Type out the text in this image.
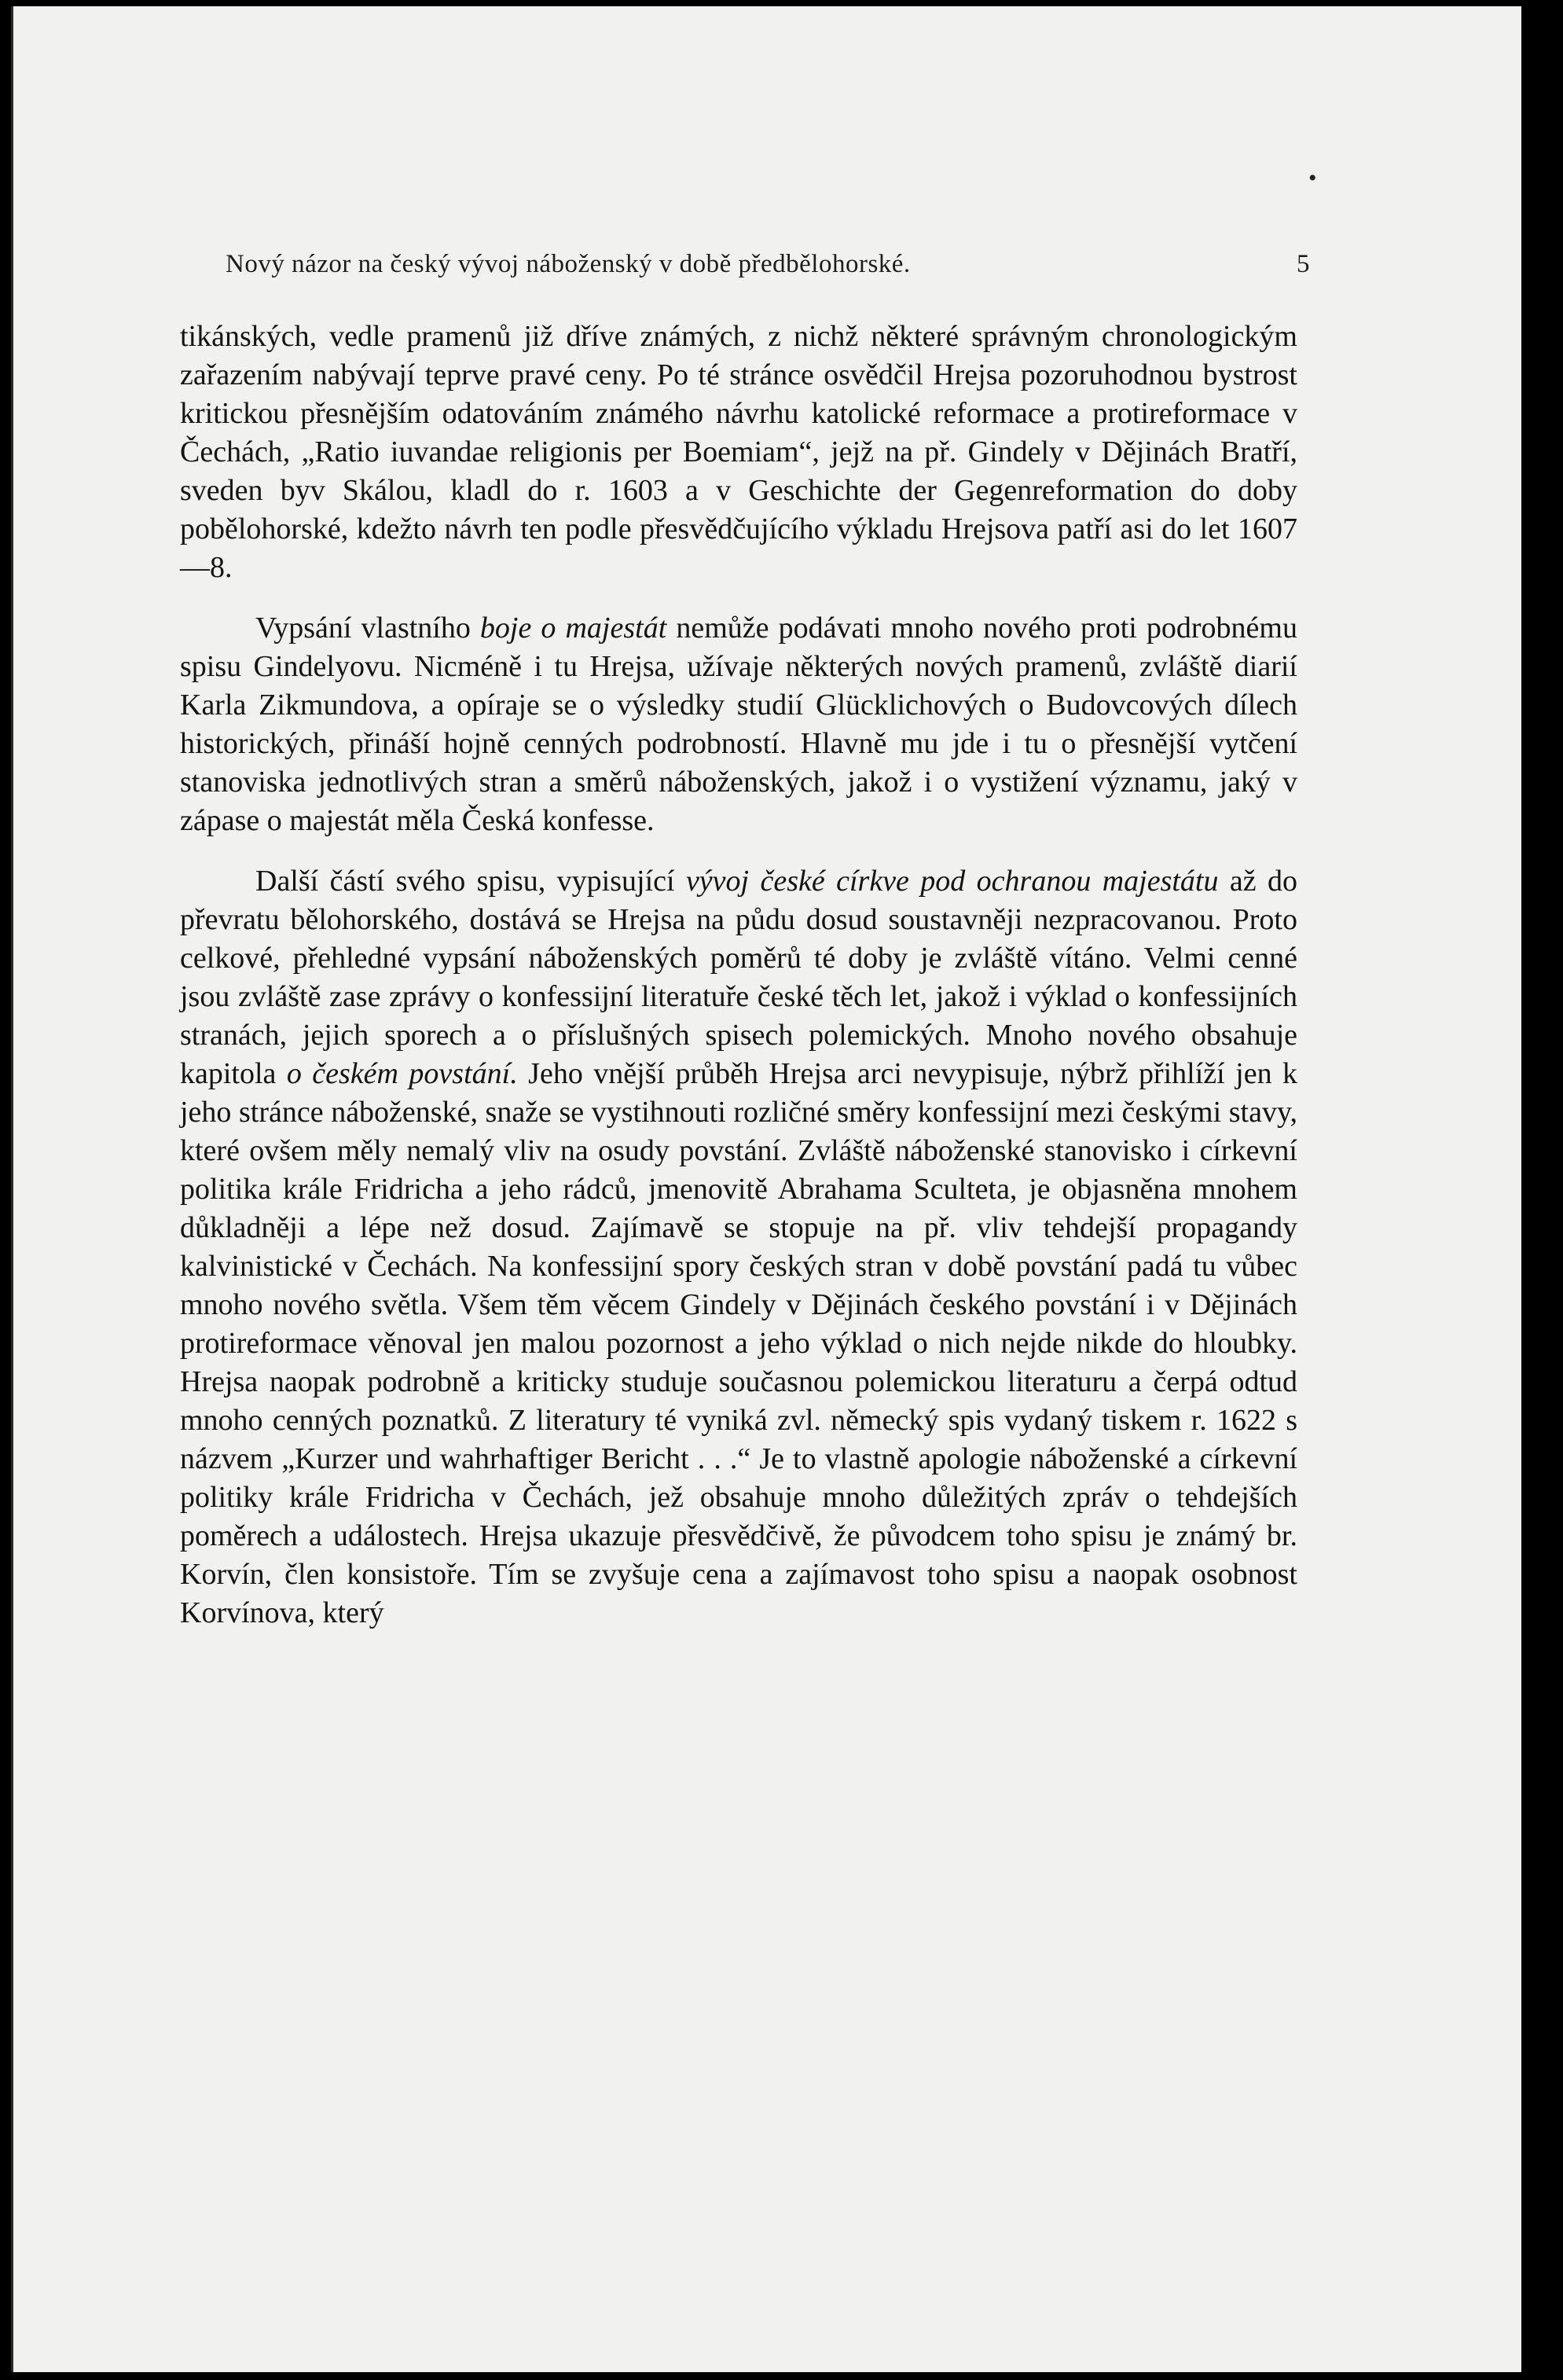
•
Nový názor na český vývoj náboženský v době předbělohorské.	5

tikánských, vedle pramenů již dříve známých, z nichž některé správným chronologickým zařazením nabývají teprve pravé ceny. Po té stránce osvědčil Hrejsa pozoruhodnou bystrost kritickou přesnějším odatováním známého návrhu katolické reformace a protireformace v Čechách, „Ratio iuvandae religionis per Boemiam“, jejž na př. Gindely v Dějinách Bratří, sveden byv Skálou, kladl do r. 1603 a v Geschichte der Gegenreformation do doby pobělohorské, kdežto návrh ten podle přesvědčujícího výkladu Hrejsova patří asi do let 1607—8.

Vypsání vlastního boje o majestát nemůže podávati mnoho nového proti podrobnému spisu Gindelyovu. Nicméně i tu Hrejsa, užívaje některých nových pramenů, zvláště diarií Karla Zikmundova, a opíraje se o výsledky studií Glücklichových o Budovcových dílech historických, přináší hojně cenných podrobností. Hlavně mu jde i tu o přesnější vytčení stanoviska jednotlivých stran a směrů náboženských, jakož i o vystižení významu, jaký v zápase o majestát měla Česká konfesse.

Další částí svého spisu, vypisující vývoj české církve pod ochranou majestátu až do převratu bělohorského, dostává se Hrejsa na půdu dosud soustavněji nezpracovanou. Proto celkové, přehledné vypsání náboženských poměrů té doby je zvláště vítáno. Velmi cenné jsou zvláště zase zprávy o konfessijní literatuře české těch let, jakož i výklad o konfessijních stranách, jejich sporech a o příslušných spisech polemických. Mnoho nového obsahuje kapitola o českém povstání. Jeho vnější průběh Hrejsa arci nevypisuje, nýbrž přihlíží jen k jeho stránce náboženské, snaže se vystihnouti rozličné směry konfessijní mezi českými stavy, které ovšem měly nemalý vliv na osudy povstání. Zvláště náboženské stanovisko i církevní politika krále Fridricha a jeho rádců, jmenovitě Abrahama Sculteta, je objasněna mnohem důkladněji a lépe než dosud. Zajímavě se stopuje na př. vliv tehdejší propagandy kalvinistické v Čechách. Na konfessijní spory českých stran v době povstání padá tu vůbec mnoho nového světla. Všem těm věcem Gindely v Dějinách českého povstání i v Dějinách protireformace věnoval jen malou pozornost a jeho výklad o nich nejde nikde do hloubky. Hrejsa naopak podrobně a kriticky studuje současnou polemickou literaturu a čerpá odtud mnoho cenných poznatků. Z literatury té vyniká zvl. německý spis vydaný tiskem r. 1622 s názvem „Kurzer und wahrhaftiger Bericht . . .“ Je to vlastně apologie náboženské a církevní politiky krále Fridricha v Čechách, jež obsahuje mnoho důležitých zpráv o tehdejších poměrech a událostech. Hrejsa ukazuje přesvědčivě, že původcem toho spisu je známý br. Korvín, člen konsistoře. Tím se zvyšuje cena a zajímavost toho spisu a naopak osobnost Korvínova, který
